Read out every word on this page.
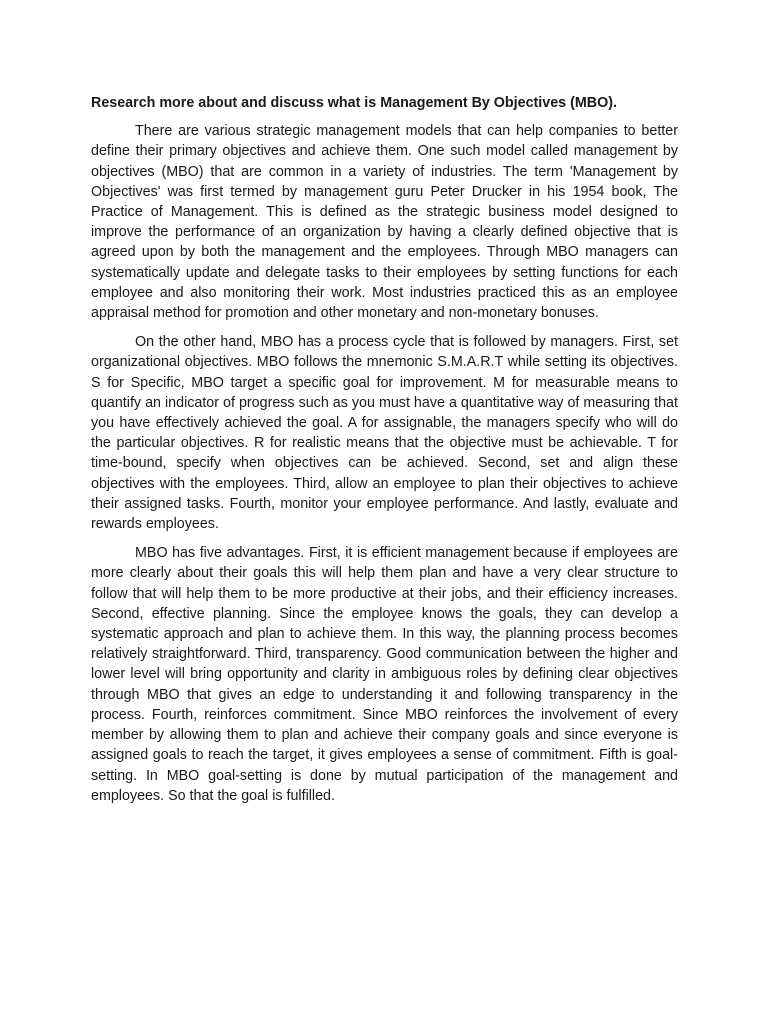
Research more about and discuss what is Management By Objectives (MBO).

There are various strategic management models that can help companies to better define their primary objectives and achieve them. One such model called management by objectives (MBO) that are common in a variety of industries. The term 'Management by Objectives' was first termed by management guru Peter Drucker in his 1954 book, The Practice of Management. This is defined as the strategic business model designed to improve the performance of an organization by having a clearly defined objective that is agreed upon by both the management and the employees. Through MBO managers can systematically update and delegate tasks to their employees by setting functions for each employee and also monitoring their work. Most industries practiced this as an employee appraisal method for promotion and other monetary and non-monetary bonuses.

On the other hand, MBO has a process cycle that is followed by managers. First, set organizational objectives. MBO follows the mnemonic S.M.A.R.T while setting its objectives. S for Specific, MBO target a specific goal for improvement. M for measurable means to quantify an indicator of progress such as you must have a quantitative way of measuring that you have effectively achieved the goal. A for assignable, the managers specify who will do the particular objectives. R for realistic means that the objective must be achievable. T for time-bound, specify when objectives can be achieved. Second, set and align these objectives with the employees. Third, allow an employee to plan their objectives to achieve their assigned tasks. Fourth, monitor your employee performance. And lastly, evaluate and rewards employees.

MBO has five advantages. First, it is efficient management because if employees are more clearly about their goals this will help them plan and have a very clear structure to follow that will help them to be more productive at their jobs, and their efficiency increases. Second, effective planning. Since the employee knows the goals, they can develop a systematic approach and plan to achieve them. In this way, the planning process becomes relatively straightforward. Third, transparency. Good communication between the higher and lower level will bring opportunity and clarity in ambiguous roles by defining clear objectives through MBO that gives an edge to understanding it and following transparency in the process. Fourth, reinforces commitment. Since MBO reinforces the involvement of every member by allowing them to plan and achieve their company goals and since everyone is assigned goals to reach the target, it gives employees a sense of commitment. Fifth is goal-setting. In MBO goal-setting is done by mutual participation of the management and employees. So that the goal is fulfilled.
